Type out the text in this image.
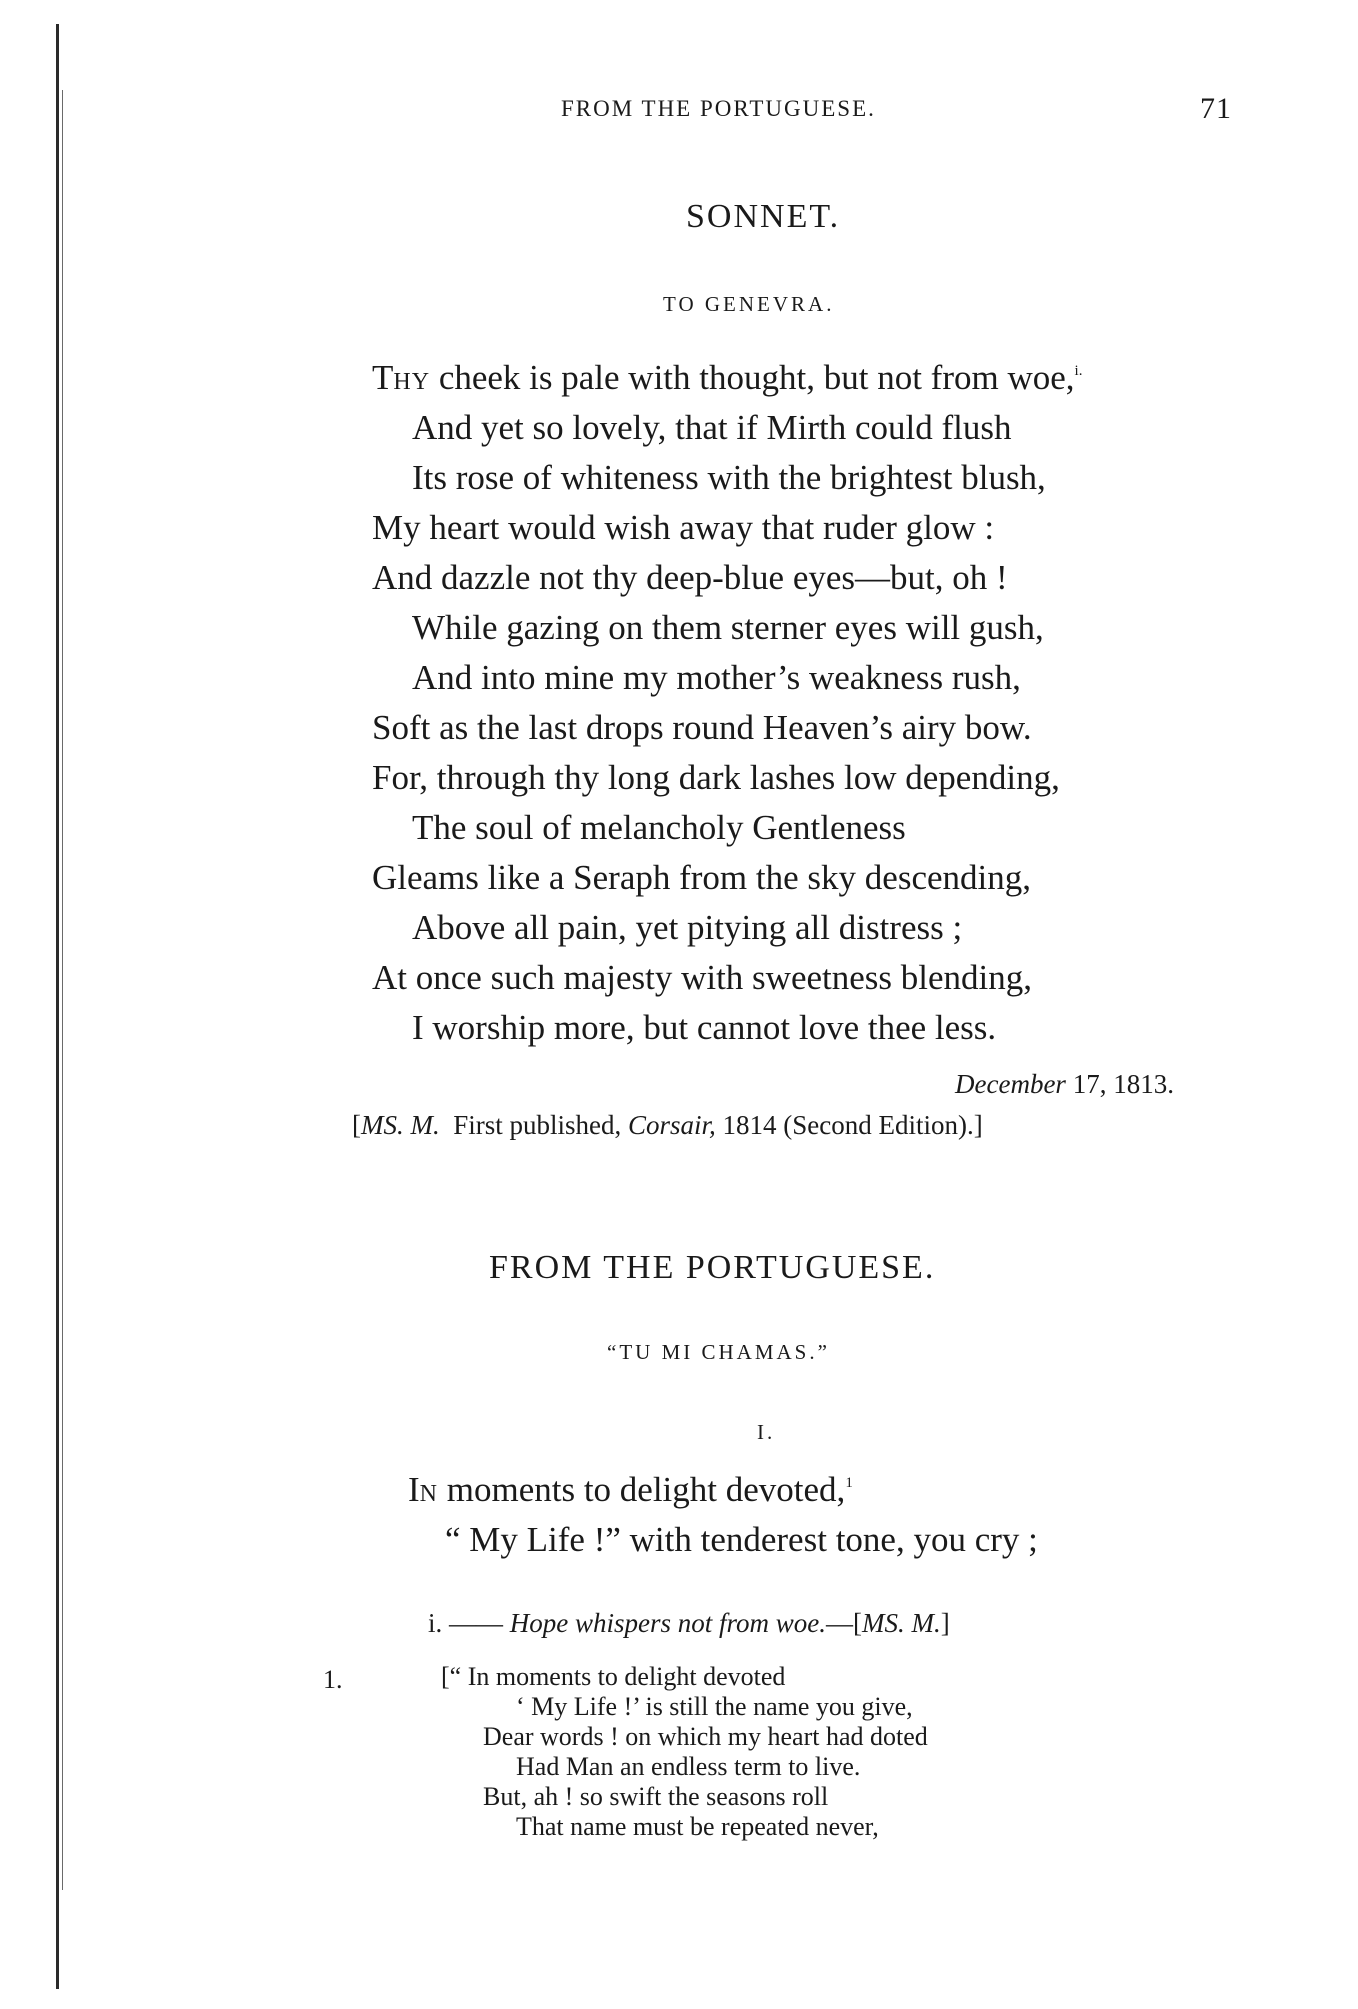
FROM THE PORTUGUESE.	71
SONNET.
TO GENEVRA.
THY cheek is pale with thought, but not from woe,$^{i.}$
And yet so lovely, that if Mirth could flush
Its rose of whiteness with the brightest blush,
My heart would wish away that ruder glow :
And dazzle not thy deep-blue eyes—but, oh !
While gazing on them sterner eyes will gush,
And into mine my mother’s weakness rush,
Soft as the last drops round Heaven’s airy bow.
For, through thy long dark lashes low depending,
The soul of melancholy Gentleness
Gleams like a Seraph from the sky descending,
Above all pain, yet pitying all distress ;
At once such majesty with sweetness blending,
I worship more, but cannot love thee less.
December 17, 1813.
[MS. M.  First published, Corsair, 1814 (Second Edition).]
FROM THE PORTUGUESE.
“TU MI CHAMAS.”
I.
IN moments to delight devoted,$^1$
“ My Life !” with tenderest tone, you cry ;
i. —— Hope whispers not from woe.—[MS. M.]
1.	[“ In moments to delight devoted
‘ My Life !’ is still the name you give,
Dear words ! on which my heart had doted
Had Man an endless term to live.
But, ah ! so swift the seasons roll
That name must be repeated never,
